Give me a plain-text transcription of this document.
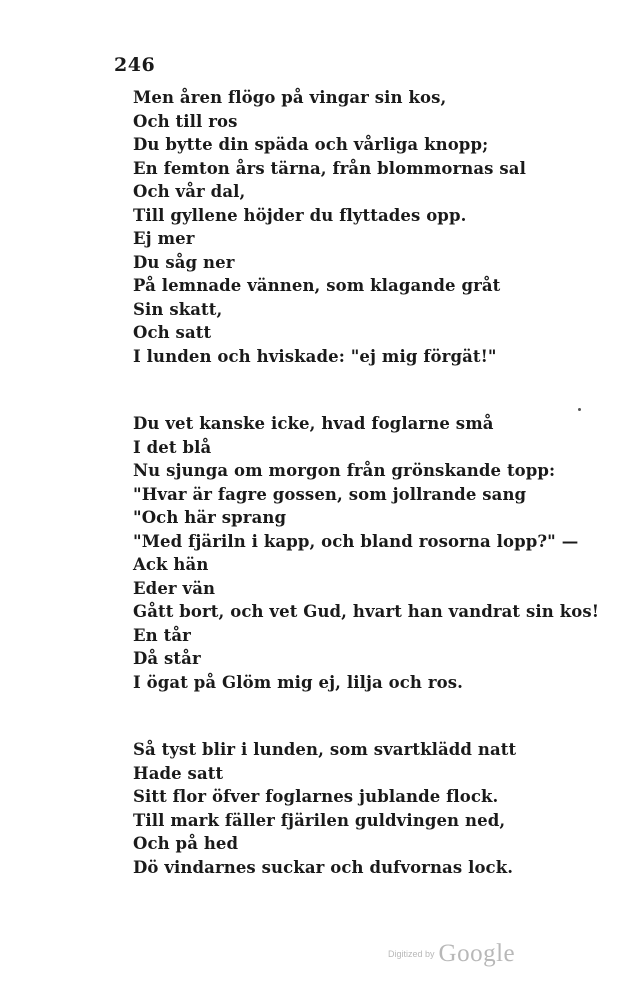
246
Men åren flögo på vingar sin kos,
Och till ros
Du bytte din späda och vårliga knopp;
En femton års tärna, från blommornas sal
Och vår dal,
Till gyllene höjder du flyttades opp.
Ej mer
Du såg ner
På lemnade vännen, som klagande gråt
Sin skatt,
Och satt
I lunden och hviskade: "ej mig förgät!"
Du vet kanske icke, hvad foglarne små
I det blå
Nu sjunga om morgon från grönskande topp:
"Hvar är fagre gossen, som jollrande sang
"Och här sprang
"Med fjäriln i kapp, och bland rosorna lopp?" —
Ack hän
Eder vän
Gått bort, och vet Gud, hvart han vandrat sin kos!
En tår
Då står
I ögat på Glöm mig ej, lilja och ros.
Så tyst blir i lunden, som svartklädd natt
Hade satt
Sitt flor öfver foglarnes jublande flock.
Till mark fäller fjärilen guldvingen ned,
Och på hed
Dö vindarnes suckar och dufvornas lock.
Digitized by Google
